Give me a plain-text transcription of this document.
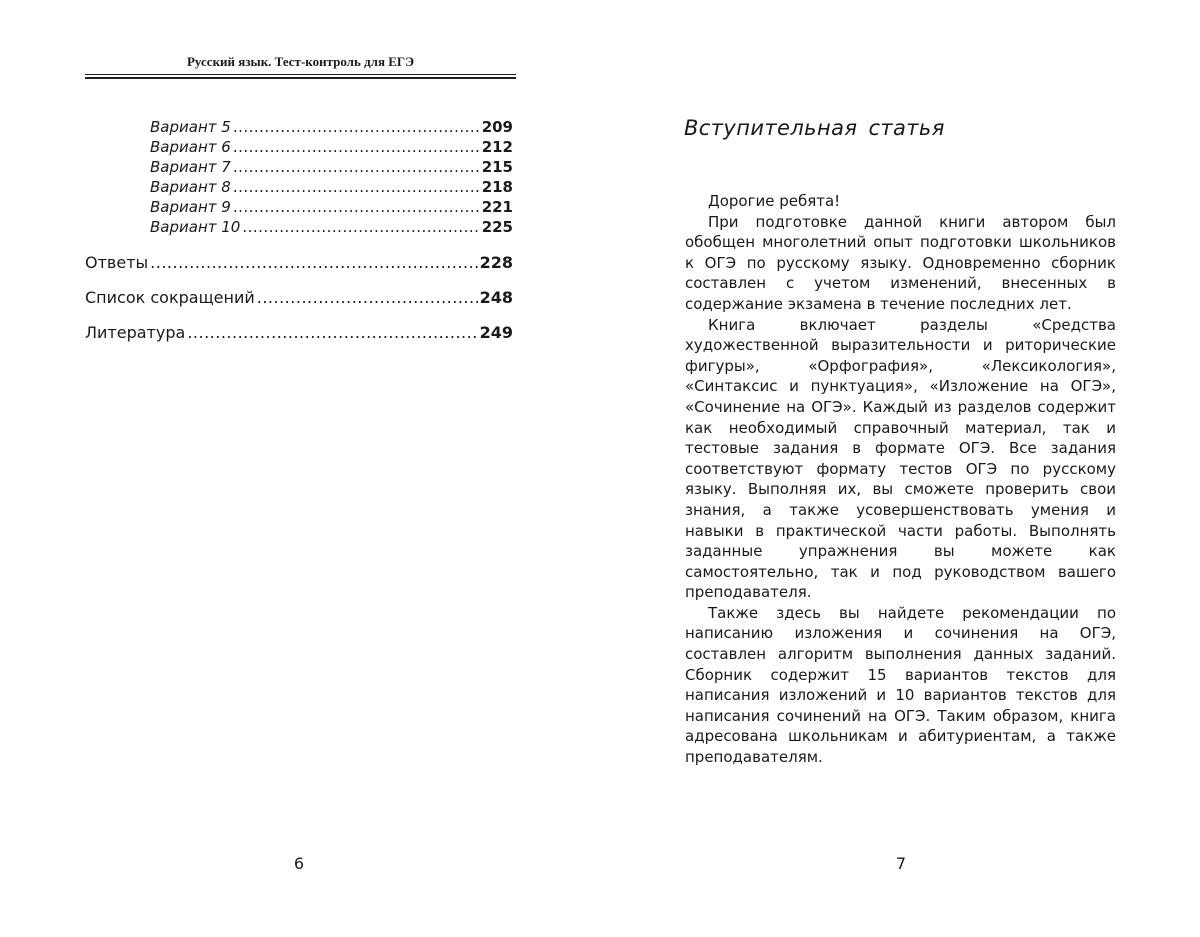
Русский язык. Тест-контроль для ЕГЭ
Вариант 5 .....	209
Вариант 6 .....	212
Вариант 7 .....	215
Вариант 8 .....	218
Вариант 9 .....	221
Вариант 10 .....	225
Ответы .....	228
Список сокращений .....	248
Литература .....	249
6
Вступительная статья

Дорогие ребята!

При подготовке данной книги автором был обобщен многолетний опыт подготовки школьников к ОГЭ по русскому языку. Одновременно сборник составлен с учетом изменений, внесенных в содержание экзамена в течение последних лет.

Книга включает разделы «Средства художественной выразительности и риторические фигуры», «Орфография», «Лексикология», «Синтаксис и пунктуация», «Изложение на ОГЭ», «Сочинение на ОГЭ». Каждый из разделов содержит как необходимый справочный материал, так и тестовые задания в формате ОГЭ. Все задания соответствуют формату тестов ОГЭ по русскому языку. Выполняя их, вы сможете проверить свои знания, а также усовершенствовать умения и навыки в практической части работы. Выполнять заданные упражнения вы можете как самостоятельно, так и под руководством вашего преподавателя.

Также здесь вы найдете рекомендации по написанию изложения и сочинения на ОГЭ, составлен алгоритм выполнения данных заданий. Сборник содержит 15 вариантов текстов для написания изложений и 10 вариантов текстов для написания сочинений на ОГЭ. Таким образом, книга адресована школьникам и абитуриентам, а также преподавателям.

7
